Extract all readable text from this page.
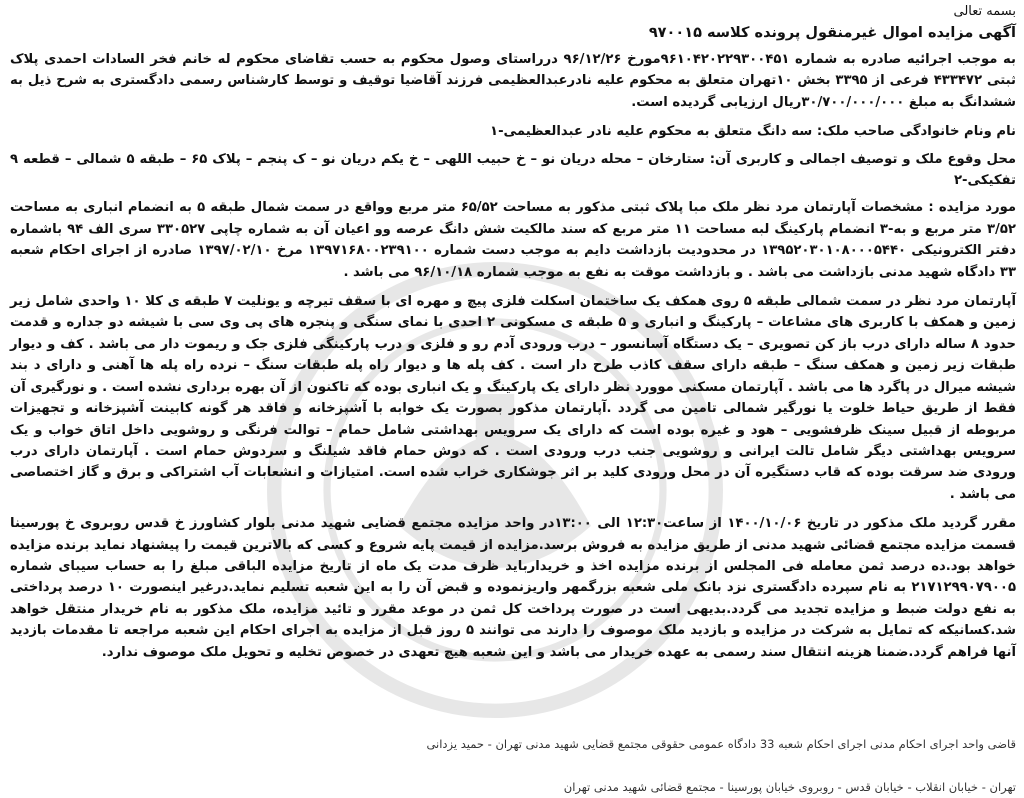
بسمه تعالی

آگهی مزایده اموال غیرمنقول پرونده کلاسه ۹۷۰۰۱۵

به موجب اجرائیه صادره به شماره ۹۶۱۰۴۲۰۲۲۹۳۰۰۴۵۱مورخ ۹۶/۱۲/۲۶ درراستای وصول محکوم به حسب تقاضای محکوم له خانم فخر السادات احمدی پلاک ثبتی ۴۳۳۴۷۲ فرعی از ۳۳۹۵ بخش ۱۰تهران متعلق به محکوم علیه نادرعبدالعظیمی فرزند آقاضیا توقیف و توسط کارشناس رسمی دادگستری به شرح ذیل به ششدانگ به مبلغ ۳۰/۷۰۰/۰۰۰/۰۰۰ریال ارزیابی گردیده است.

نام ونام خانوادگی صاحب ملک: سه دانگ متعلق به محکوم علیه نادر عبدالعظیمی-۱

محل وقوع ملک و توصیف اجمالی و کاربری آن: ستارخان – محله دریان نو – خ حبیب اللهی – خ یکم دریان نو – ک پنجم – پلاک ۶۵ – طبقه ۵ شمالی – قطعه ۹ تفکیکی-۲

مورد مزایده : مشخصات آپارتمان مرد نظر ملک مبا پلاک ثبتی مذکور به مساحت ۶۵/۵۲ متر مربع وواقع در سمت شمال طبقه ۵ به انضمام انباری به مساحت ۳/۵۲ متر مربع و به-۳ انضمام پارکینگ لبه مساحت ۱۱ متر مربع که سند مالکیت شش دانگ عرصه وو اعیان آن به شماره چاپی ۳۳۰۵۲۷ سری الف ۹۴ باشماره دفتر الکترونیکی ۱۳۹۵۲۰۳۰۱۰۸۰۰۰۵۴۴۰ در محدودیت بازداشت دایم به موجب دست شماره ۱۳۹۷۱۶۸۰۰۲۳۹۱۰۰ مرخ ۱۳۹۷/۰۲/۱۰ صادره از اجرای احکام شعبه ۳۳ دادگاه شهید مدنی بازداشت می باشد . و بازداشت موقت به نفع به موجب شماره ۹۶/۱۰/۱۸ می باشد .

آپارتمان مرد نظر در سمت شمالی طبقه ۵ روی همکف یک ساختمان اسکلت فلزی پیچ و مهره ای با سقف تیرچه و یونلیت ۷ طبقه ی کلا ۱۰ واحدی شامل زیر زمین و همکف با کاربری های مشاعات – پارکینگ و انباری و ۵ طبقه ی مسکونی ۲ احدی با نمای سنگی و پنجره های پی وی سی با شیشه دو جداره و قدمت حدود ۸ ساله دارای درب باز کن تصویری – یک دستگاه آسانسور – درب ورودی آدم رو و فلزی و درب پارکینگی فلزی جک و ریموت دار می باشد . کف و دیوار طبقات زیر زمین و همکف سنگ – طبقه دارای سقف کاذب طرح دار است . کف پله ها و دیوار راه پله طبقات سنگ – نرده راه پله ها آهنی و دارای د بند شیشه میرال در پاگرد ها می باشد . آپارتمان مسکنی موورد نظر دارای یک پارکینگ و یک انباری بوده که تاکنون از آن بهره برداری نشده است . و نورگیری آن فقط از طریق حیاط خلوت یا نورگیر شمالی تامین می گردد .آپارتمان مذکور بصورت یک خوابه با آشپزخانه و فاقد هر گونه کابینت آشپزخانه و تجهیزات مربوطه از قبیل سینک ظرفشویی – هود و غیره بوده است که دارای یک سرویس بهداشتی شامل حمام – توالت فرنگی و روشویی داخل اتاق خواب و یک سرویس بهداشتی دیگر شامل تالت ایرانی و روشویی جنب درب ورودی است . که دوش حمام فاقد شیلنگ و سردوش حمام است . آپارتمان دارای درب ورودی ضد سرقت بوده که قاب دستگیره آن در محل ورودی کلید بر اثر جوشکاری خراب شده است. امتیازات و انشعابات آب اشتراکی و برق و گاز اختصاصی می باشد .

مقرر گردید ملک مذکور در تاریخ ۱۴۰۰/۱۰/۰۶ از ساعت۱۲:۳۰ الی ۱۳:۰۰در واحد مزایده مجتمع قضایی شهید مدنی بلوار کشاورز خ قدس روبروی خ پورسینا قسمت مزایده مجتمع قضائی شهید مدنی از طریق مزایده به فروش برسد.مزایده از قیمت پایه شروع و کسی که بالاترین قیمت را پیشنهاد نماید برنده مزایده خواهد بود.ده درصد ثمن معامله فی المجلس از برنده مزایده اخذ و خریدارباید ظرف مدت یک ماه از تاریخ مزایده الباقی مبلغ را به حساب سیبای شماره ۲۱۷۱۲۹۹۰۷۹۰۰۵ به نام سپرده دادگستری نزد بانک ملی شعبه بزرگمهر واریزنموده و قبض آن را به این شعبه تسلیم نماید.درغیر اینصورت ۱۰ درصد پرداختی به نفع دولت ضبط و مزایده تجدید می گردد.بدیهی است در صورت پرداخت کل ثمن در موعد مقرر و تائید مزایده، ملک مذکور به نام خریدار منتقل خواهد شد.کسانیکه که تمایل به شرکت در مزایده و بازدید ملک موصوف را دارند می توانند ۵ روز قبل از مزایده به اجرای احکام این شعبه مراجعه تا مقدمات بازدید آنها فراهم گردد.ضمنا هزینه انتقال سند رسمی به عهده خریدار می باشد و این شعبه هیچ تعهدی در خصوص تخلیه و تحویل ملک موصوف ندارد.

قاضی واحد اجرای احکام مدنی اجرای احکام شعبه 33 دادگاه عمومی حقوقی مجتمع قضایی شهید مدنی تهران - حمید یزدانی

تهران - خیابان انقلاب - خیابان قدس - روبروی خیابان پورسینا - مجتمع قضائی شهید مدنی تهران
